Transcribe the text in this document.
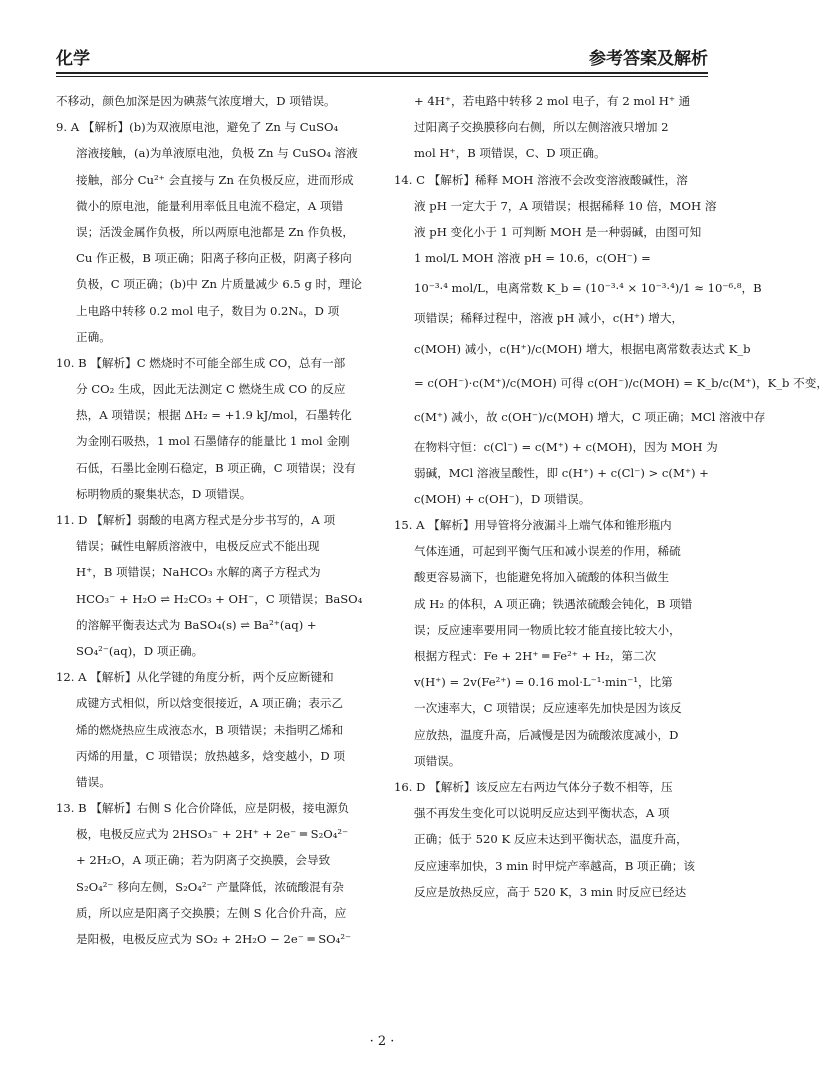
化学	参考答案及解析
不移动，颜色加深是因为碘蒸气浓度增大，D 项错误。
9. A 【解析】(b)为双液原电池，避免了 Zn 与 CuSO₄
溶液接触，(a)为单液原电池，负极 Zn 与 CuSO₄ 溶液
接触，部分 Cu²⁺ 会直接与 Zn 在负极反应，进而形成
微小的原电池，能量利用率低且电流不稳定，A 项错
误；活泼金属作负极，所以两原电池都是 Zn 作负极，
Cu 作正极，B 项正确；阳离子移向正极，阴离子移向
负极，C 项正确；(b)中 Zn 片质量减少 6.5 g 时，理论
上电路中转移 0.2 mol 电子，数目为 0.2Nₐ，D 项
正确。
10. B 【解析】C 燃烧时不可能全部生成 CO，总有一部
分 CO₂ 生成，因此无法测定 C 燃烧生成 CO 的反应
热，A 项错误；根据 ΔH₂ = +1.9 kJ/mol，石墨转化
为金刚石吸热，1 mol 石墨储存的能量比 1 mol 金刚
石低，石墨比金刚石稳定，B 项正确，C 项错误；没有
标明物质的聚集状态，D 项错误。
11. D 【解析】弱酸的电离方程式是分步书写的，A 项
错误；碱性电解质溶液中，电极反应式不能出现
H⁺，B 项错误；NaHCO₃ 水解的离子方程式为
HCO₃⁻ + H₂O ⇌ H₂CO₃ + OH⁻，C 项错误；BaSO₄
的溶解平衡表达式为 BaSO₄(s) ⇌ Ba²⁺(aq) +
SO₄²⁻(aq)，D 项正确。
12. A 【解析】从化学键的角度分析，两个反应断键和
成键方式相似，所以焓变很接近，A 项正确；表示乙
烯的燃烧热应生成液态水，B 项错误；未指明乙烯和
丙烯的用量，C 项错误；放热越多，焓变越小，D 项
错误。
13. B 【解析】右侧 S 化合价降低，应是阴极，接电源负
极，电极反应式为 2HSO₃⁻ + 2H⁺ + 2e⁻ ═ S₂O₄²⁻
+ 2H₂O，A 项正确；若为阴离子交换膜，会导致
S₂O₄²⁻ 移向左侧，S₂O₄²⁻ 产量降低，浓硫酸混有杂
质，所以应是阳离子交换膜；左侧 S 化合价升高，应
是阳极，电极反应式为 SO₂ + 2H₂O − 2e⁻ ═ SO₄²⁻
+ 4H⁺，若电路中转移 2 mol 电子，有 2 mol H⁺ 通
过阳离子交换膜移向右侧，所以左侧溶液只增加 2
mol H⁺，B 项错误，C、D 项正确。
14. C 【解析】稀释 MOH 溶液不会改变溶液酸碱性，溶
液 pH 一定大于 7，A 项错误；根据稀释 10 倍，MOH 溶
液 pH 变化小于 1 可判断 MOH 是一种弱碱，由图可知
1 mol/L MOH 溶液 pH = 10.6，c(OH⁻) =
10⁻³·⁴ mol/L，电离常数 K_b = (10⁻³·⁴ × 10⁻³·⁴)/1 ≈ 10⁻⁶·⁸，B
项错误；稀释过程中，溶液 pH 减小，c(H⁺) 增大，
c(MOH) 减小，c(H⁺)/c(MOH) 增大，根据电离常数表达式 K_b
= c(OH⁻)·c(M⁺)/c(MOH) 可得 c(OH⁻)/c(MOH) = K_b/c(M⁺)，K_b 不变，
c(M⁺) 减小，故 c(OH⁻)/c(MOH) 增大，C 项正确；MCl 溶液中存
在物料守恒：c(Cl⁻) = c(M⁺) + c(MOH)，因为 MOH 为
弱碱，MCl 溶液呈酸性，即 c(H⁺) + c(Cl⁻) > c(M⁺) +
c(MOH) + c(OH⁻)，D 项错误。
15. A 【解析】用导管将分液漏斗上端气体和锥形瓶内
气体连通，可起到平衡气压和减小误差的作用，稀硫
酸更容易滴下，也能避免将加入硫酸的体积当做生
成 H₂ 的体积，A 项正确；铁遇浓硫酸会钝化，B 项错
误；反应速率要用同一物质比较才能直接比较大小，
根据方程式：Fe + 2H⁺ ═ Fe²⁺ + H₂，第二次
v(H⁺) = 2v(Fe²⁺) = 0.16 mol·L⁻¹·min⁻¹，比第
一次速率大，C 项错误；反应速率先加快是因为该反
应放热，温度升高，后减慢是因为硫酸浓度减小，D
项错误。
16. D 【解析】该反应左右两边气体分子数不相等，压
强不再发生变化可以说明反应达到平衡状态，A 项
正确；低于 520 K 反应未达到平衡状态，温度升高，
反应速率加快，3 min 时甲烷产率越高，B 项正确；该
反应是放热反应，高于 520 K，3 min 时反应已经达
· 2 ·
